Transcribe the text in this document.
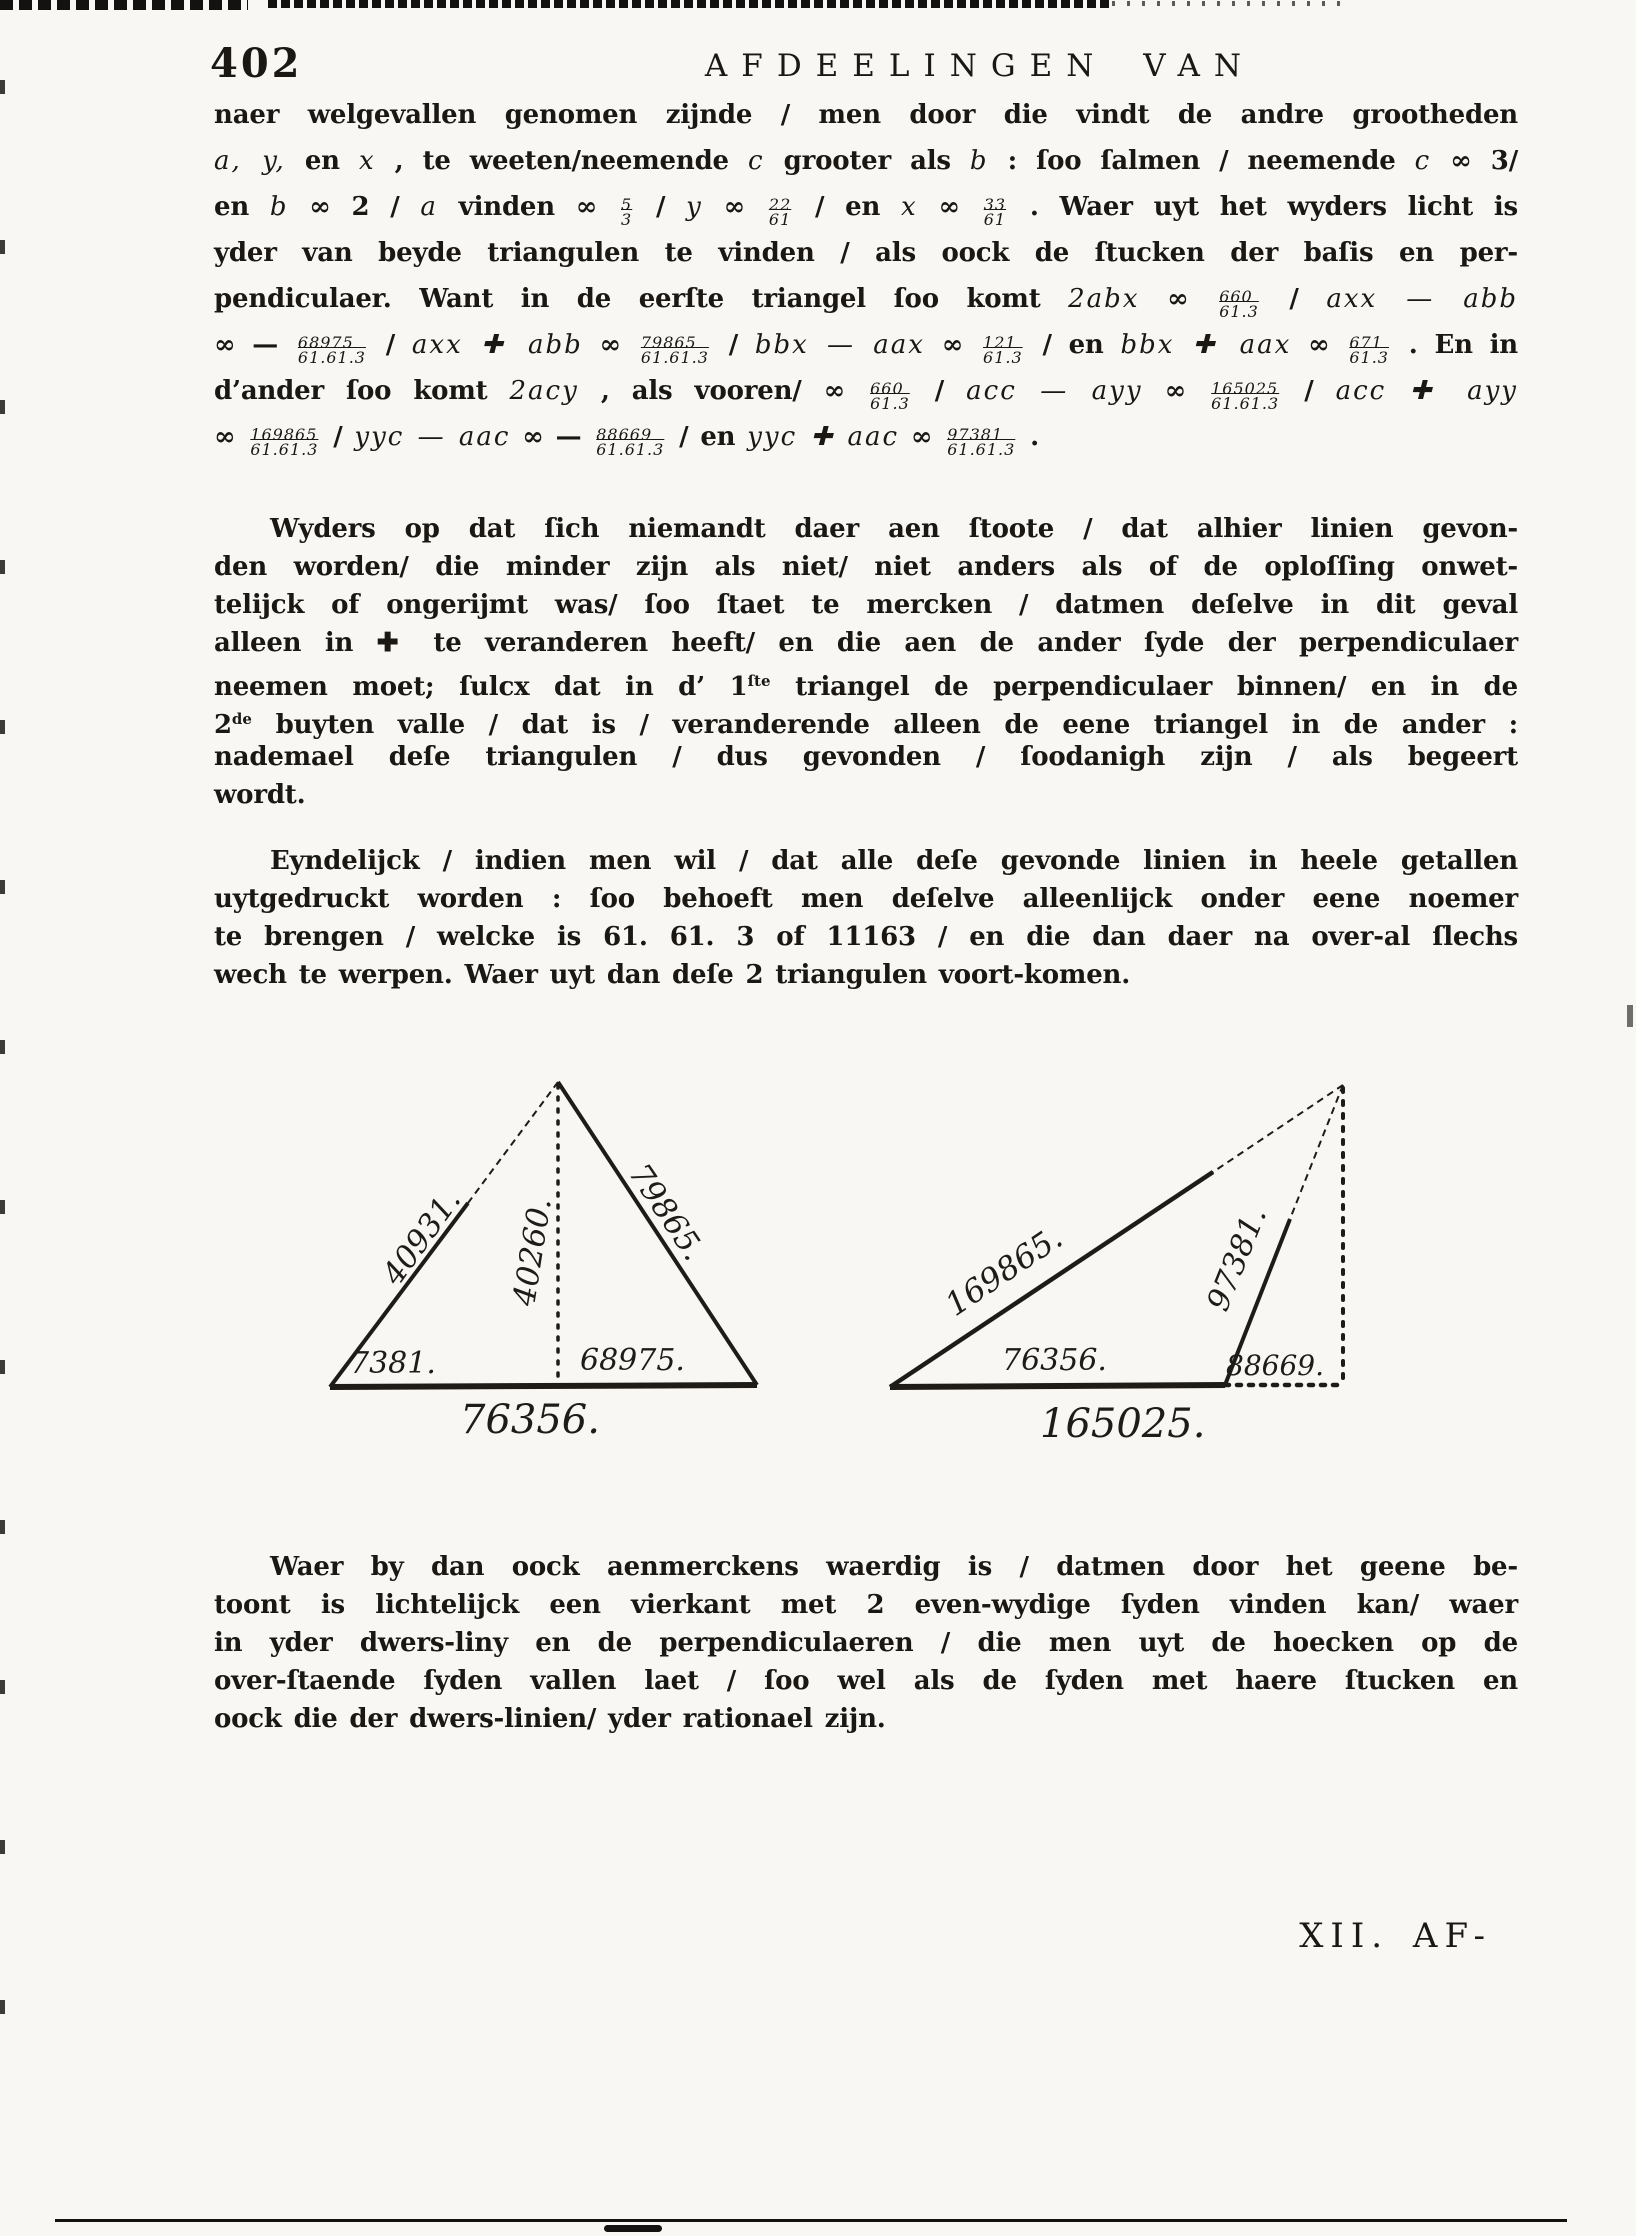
402	AFDEELINGEN VAN
naer welgevallen genomen zijnde / men door die vindt de andre grootheden
a, y, en x , te weeten/neemende c grooter als b : ſoo ſalmen / neemende c ∞ 3/
en b ∞ 2 / a vinden ∞ $\frac{5}{3}$ / y ∞ $\frac{22}{61}$ / en x ∞ $\frac{33}{61}$ . Waer uyt het wyders licht is
yder van beyde triangulen te vinden / als oock de ſtucken der baſis en per-
pendiculaer. Want in de eerſte triangel ſoo komt 2abx ∞ $\frac{660}{61.3}$ / axx — abb
∞ — $\frac{68975}{61.61.3}$ / axx ✚ abb ∞ $\frac{79865}{61.61.3}$ / bbx — aax ∞ $\frac{121}{61.3}$ / en bbx ✚ aax ∞ $\frac{671}{61.3}$ . En in
d’ander ſoo komt 2acy , als vooren/ ∞ $\frac{660}{61.3}$ / acc — ayy ∞ $\frac{165025}{61.61.3}$ / acc ✚ ayy
∞ $\frac{169865}{61.61.3}$ / yyc — aac ∞ — $\frac{88669}{61.61.3}$ / en yyc ✚ aac ∞ $\frac{97381}{61.61.3}$ .
Wyders op dat ſich niemandt daer aen ſtoote / dat alhier linien gevon-
den worden/ die minder zijn als niet/ niet anders als of de oploſſing onwet-
telijck of ongerijmt was/ ſoo ſtaet te mercken / datmen deſelve in dit geval
alleen in ✚ te veranderen heeft/ en die aen de ander ſyde der perpendiculaer
neemen moet; ſulcx dat in d’ $1^{ſte}$ triangel de perpendiculaer binnen/ en in de
2de buyten valle / dat is / veranderende alleen de eene triangel in de ander :
nademael deſe triangulen / dus gevonden / ſoodanigh zijn / als begeert
wordt.
Eyndelijck / indien men wil / dat alle deſe gevonde linien in heele getallen
uytgedruckt worden : ſoo behoeft men deſelve alleenlijck onder eene noemer
te brengen / welcke is 61. 61. 3 of 11163 / en die dan daer na over-al ſlechs
wech te werpen. Waer uyt dan deſe 2 triangulen voort-komen.
Waer by dan oock aenmerckens waerdig is / datmen door het geene be-
toont is lichtelijck een vierkant met 2 even-wydige ſyden vinden kan/ waer
in yder dwers-liny en de perpendiculaeren / die men uyt de hoecken op de
over-ſtaende ſyden vallen laet / ſoo wel als de ſyden met haere ſtucken en
oock die der dwers-linien/ yder rationael zijn.
40931. 40260. 79865.
7381.	68975.
76356.
169865.	97381.
76356.	88669.
165025.
XII. AF-
